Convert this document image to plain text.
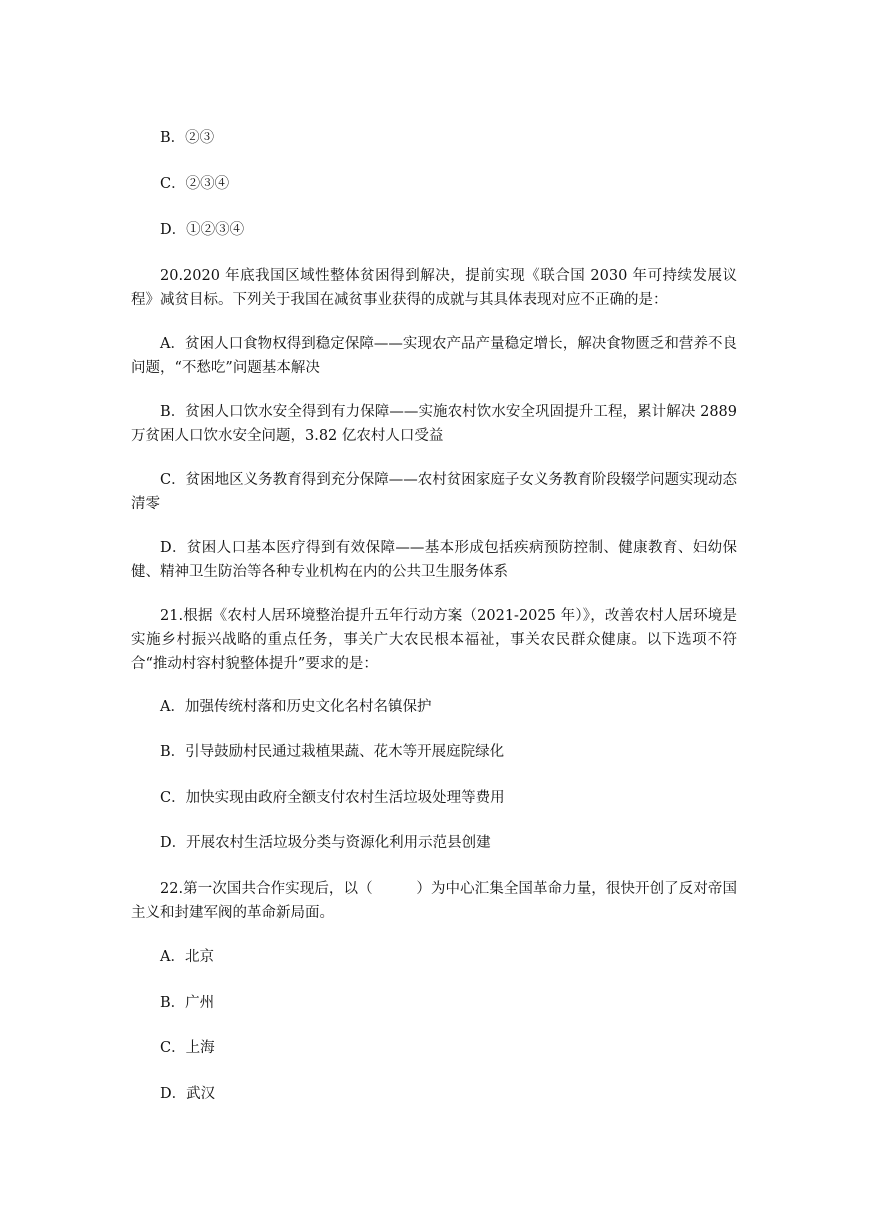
B．②③
C．②③④
D．①②③④
20.2020 年底我国区域性整体贫困得到解决，提前实现《联合国 2030 年可持续发展议程》减贫目标。下列关于我国在减贫事业获得的成就与其具体表现对应不正确的是：
A．贫困人口食物权得到稳定保障——实现农产品产量稳定增长，解决食物匮乏和营养不良问题，“不愁吃”问题基本解决
B．贫困人口饮水安全得到有力保障——实施农村饮水安全巩固提升工程，累计解决 2889 万贫困人口饮水安全问题，3.82 亿农村人口受益
C．贫困地区义务教育得到充分保障——农村贫困家庭子女义务教育阶段辍学问题实现动态清零
D．贫困人口基本医疗得到有效保障——基本形成包括疾病预防控制、健康教育、妇幼保健、精神卫生防治等各种专业机构在内的公共卫生服务体系
21.根据《农村人居环境整治提升五年行动方案（2021-2025 年）》，改善农村人居环境是实施乡村振兴战略的重点任务，事关广大农民根本福祉，事关农民群众健康。以下选项不符合“推动村容村貌整体提升”要求的是：
A．加强传统村落和历史文化名村名镇保护
B．引导鼓励村民通过栽植果蔬、花木等开展庭院绿化
C．加快实现由政府全额支付农村生活垃圾处理等费用
D．开展农村生活垃圾分类与资源化利用示范县创建
22.第一次国共合作实现后，以（　　　）为中心汇集全国革命力量，很快开创了反对帝国主义和封建军阀的革命新局面。
A．北京
B．广州
C．上海
D．武汉
